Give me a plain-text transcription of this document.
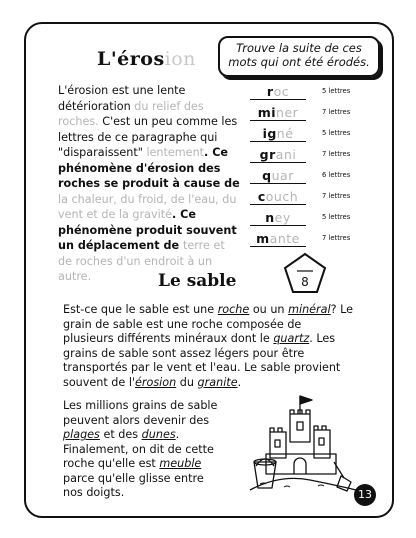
L'érosion	Trouve la suite de ces
mots qui ont été érodés.
L'érosion est une lente détérioration du relief des roches. C'est un peu comme les lettres de ce paragraphe qui "disparaissent" lentement. Ce phénomène d'érosion des roches se produit à cause de la chaleur, du froid, de l'eau, du vent et de la gravité. Ce phénomène produit souvent un déplacement de terre et de roches d'un endroit à un autre.
roc	5 lettres
miner	7 lettres
igné	5 lettres
grani	7 lettres
quar	6 lettres
couch	7 lettres
ney	5 lettres
mante	7 lettres
Le sable	8
Est-ce que le sable est une roche ou un minéral? Le grain de sable est une roche composée de plusieurs différents minéraux dont le quartz. Les grains de sable sont assez légers pour être transportés par le vent et l'eau. Le sable provient souvent de l'érosion du granite.
Les millions grains de sable peuvent alors devenir des plages et des dunes. Finalement, on dit de cette roche qu'elle est meuble parce qu'elle glisse entre nos doigts.	13
